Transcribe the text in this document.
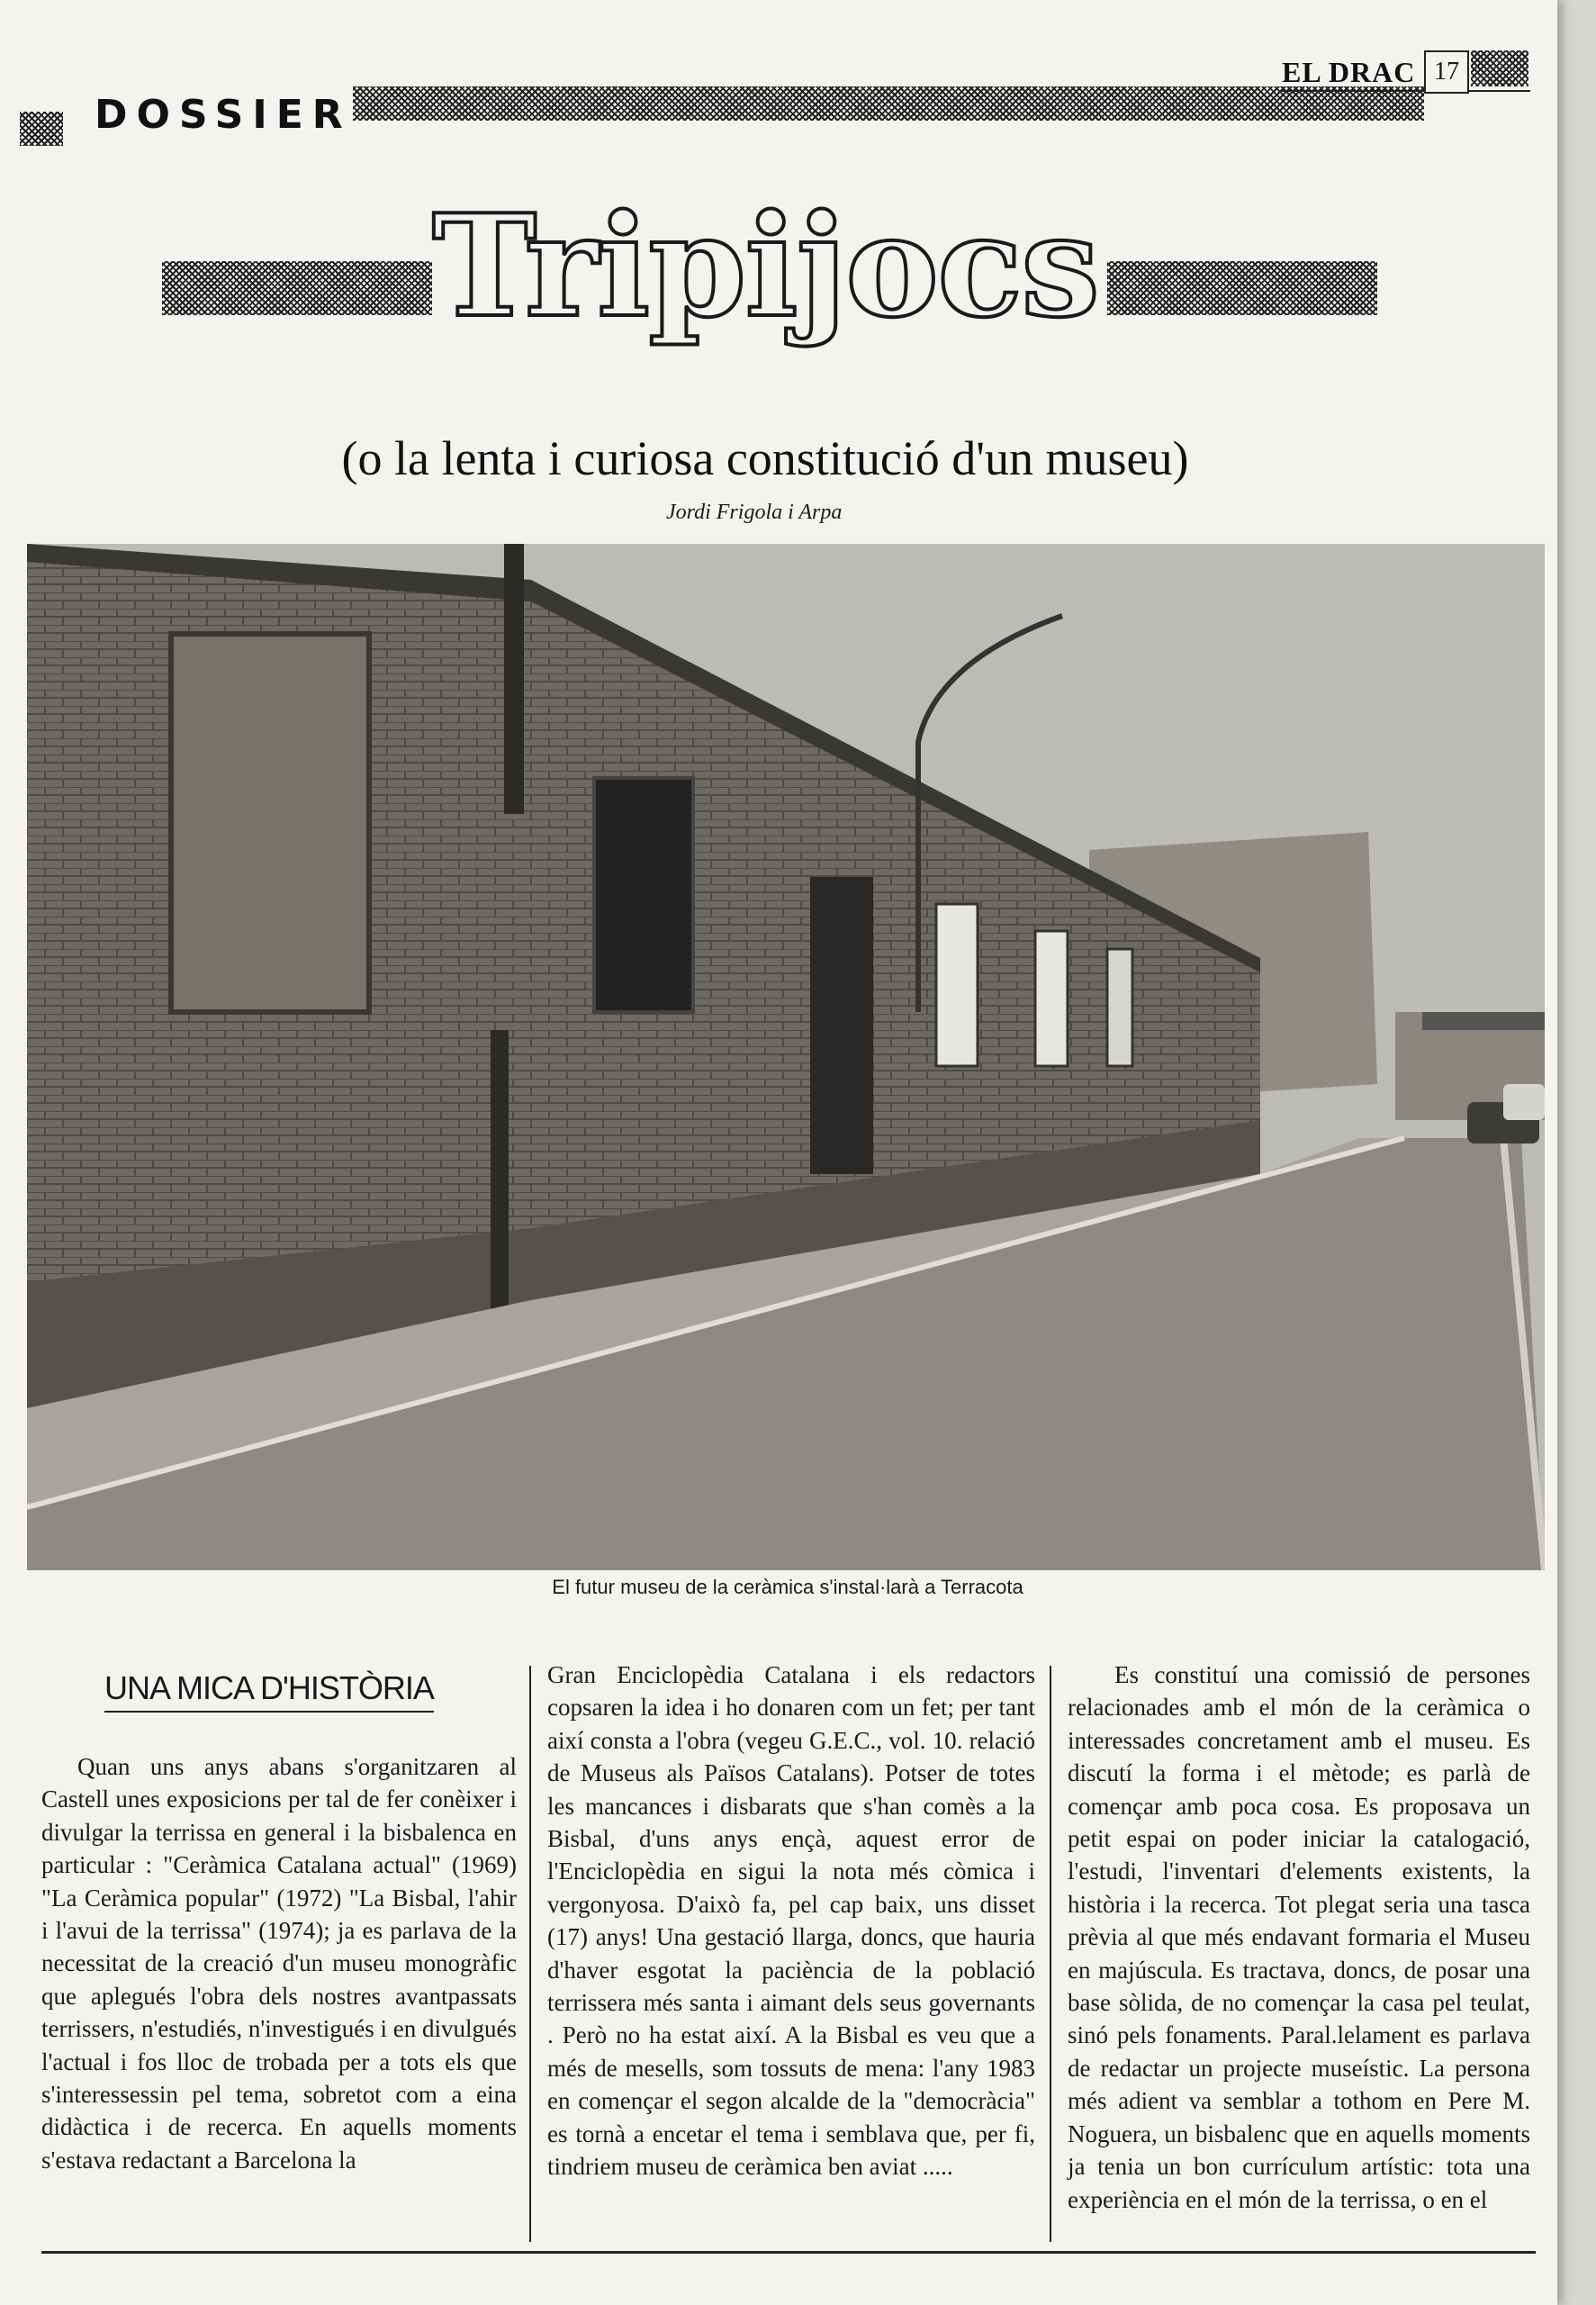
DOSSIER
EL DRAC 17
Tripijocs
(o la lenta i curiosa constitució d'un museu)
Jordi Frigola i Arpa
El futur museu de la ceràmica s'instal·larà a Terracota
UNA MICA D'HISTÒRIA

Quan uns anys abans s'organitzaren al Castell unes exposicions per tal de fer conèixer i divulgar la terrissa en general i la bisbalenca en particular : "Ceràmica Catalana actual" (1969) "La Ceràmica popular" (1972) "La Bisbal, l'ahir i l'avui de la terrissa" (1974); ja es parlava de la necessitat de la creació d'un museu monogràfic que aplegués l'obra dels nostres avantpassats terrissers, n'estudiés, n'investigués i en divulgués l'actual i fos lloc de trobada per a tots els que s'interessessin pel tema, sobretot com a eina didàctica i de recerca. En aquells moments s'estava redactant a Barcelona la

Gran Enciclopèdia Catalana i els redactors copsaren la idea i ho donaren com un fet; per tant així consta a l'obra (vegeu G.E.C., vol. 10. relació de Museus als Països Catalans). Potser de totes les mancances i disbarats que s'han comès a la Bisbal, d'uns anys ençà, aquest error de l'Enciclopèdia en sigui la nota més còmica i vergonyosa. D'això fa, pel cap baix, uns disset (17) anys! Una gestació llarga, doncs, que hauria d'haver esgotat la paciència de la població terrissera més santa i aimant dels seus governants . Però no ha estat així. A la Bisbal es veu que a més de mesells, som tossuts de mena: l'any 1983 en començar el segon alcalde de la "democràcia" es tornà a encetar el tema i semblava que, per fi, tindriem museu de ceràmica ben aviat .....

Es constituí una comissió de persones relacionades amb el món de la ceràmica o interessades concretament amb el museu. Es discutí la forma i el mètode; es parlà de començar amb poca cosa. Es proposava un petit espai on poder iniciar la catalogació, l'estudi, l'inventari d'elements existents, la història i la recerca. Tot plegat seria una tasca prèvia al que més endavant formaria el Museu en majúscula. Es tractava, doncs, de posar una base sòlida, de no començar la casa pel teulat, sinó pels fonaments. Paral.lelament es parlava de redactar un projecte museístic. La persona més adient va semblar a tothom en Pere M. Noguera, un bisbalenc que en aquells moments ja tenia un bon currículum artístic: tota una experiència en el món de la terrissa, o en el
